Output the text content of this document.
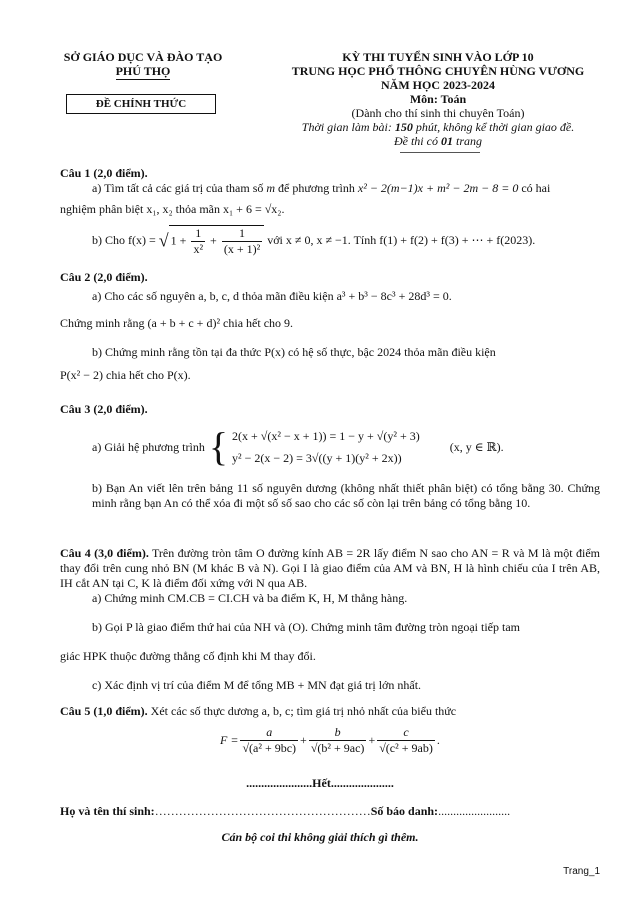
SỞ GIÁO DỤC VÀ ĐÀO TẠO
PHÚ THỌ
ĐỀ CHÍNH THỨC
KỲ THI TUYỂN SINH VÀO LỚP 10
TRUNG HỌC PHỔ THÔNG CHUYÊN HÙNG VƯƠNG
NĂM HỌC 2023-2024
Môn: Toán
(Dành cho thí sinh thi chuyên Toán)
Thời gian làm bài: 150 phút, không kể thời gian giao đề.
Đề thi có 01 trang

Câu 1 (2,0 điểm).

a) Tìm tất cả các giá trị của tham số m để phương trình x² − 2(m−1)x + m² − 2m − 8 = 0 có hai

nghiệm phân biệt x₁, x₂ thỏa mãn x₁ + 6 = √x₂.

b) Cho f(x) = √ $1 + \frac{1}{\text{x²}} + \frac{1}{\text{(x + 1)²}}$ với x ≠ 0, x ≠ −1. Tính f(1) + f(2) + f(3) + ⋯ + f(2023).

Câu 2 (2,0 điểm).

a) Cho các số nguyên a, b, c, d thỏa mãn điều kiện a³ + b³ − 8c³ + 28d³ = 0.

Chứng minh rằng (a + b + c + d)² chia hết cho 9.

b) Chứng minh rằng tồn tại đa thức P(x) có hệ số thực, bậc 2024 thỏa mãn điều kiện

P(x² − 2) chia hết cho P(x).

Câu 3 (2,0 điểm).

a) Giải hệ phương trình { 2(x + √(x² − x + 1)) = 1 − y + √(y² + 3)
y² − 2(x − 2) = 3√((y + 1)(y² + 2x))
(x, y ∈ ℝ).

b) Bạn An viết lên trên bảng 11 số nguyên dương (không nhất thiết phân biệt) có tổng bằng 30. Chứng minh rằng bạn An có thể xóa đi một số số sao cho các số còn lại trên bảng có tổng bằng 10.

Câu 4 (3,0 điểm). Trên đường tròn tâm O đường kính AB = 2R lấy điểm N sao cho AN = R và M là một điểm thay đổi trên cung nhỏ BN (M khác B và N). Gọi I là giao điểm của AM và BN, H là hình chiếu của I trên AB, IH cắt AN tại C, K là điểm đối xứng với N qua AB.

a) Chứng minh CM.CB = CI.CH và ba điểm K, H, M thẳng hàng.

b) Gọi P là giao điểm thứ hai của NH và (O). Chứng minh tâm đường tròn ngoại tiếp tam

giác HPK thuộc đường thẳng cố định khi M thay đổi.

c) Xác định vị trí của điểm M để tổng MB + MN đạt giá trị lớn nhất.

Câu 5 (1,0 điểm). Xét các số thực dương a, b, c; tìm giá trị nhỏ nhất của biểu thức

$F = \frac{a}{\text{√(a² + 9bc)}} + \frac{b}{\text{√(b² + 9ac)}} + \frac{c}{\text{√(c² + 9ab)}}$ .
......................Hết.....................
Họ và tên thí sinh:………………………………………………Số báo danh:........................
Cán bộ coi thi không giải thích gì thêm.
Trang_1
